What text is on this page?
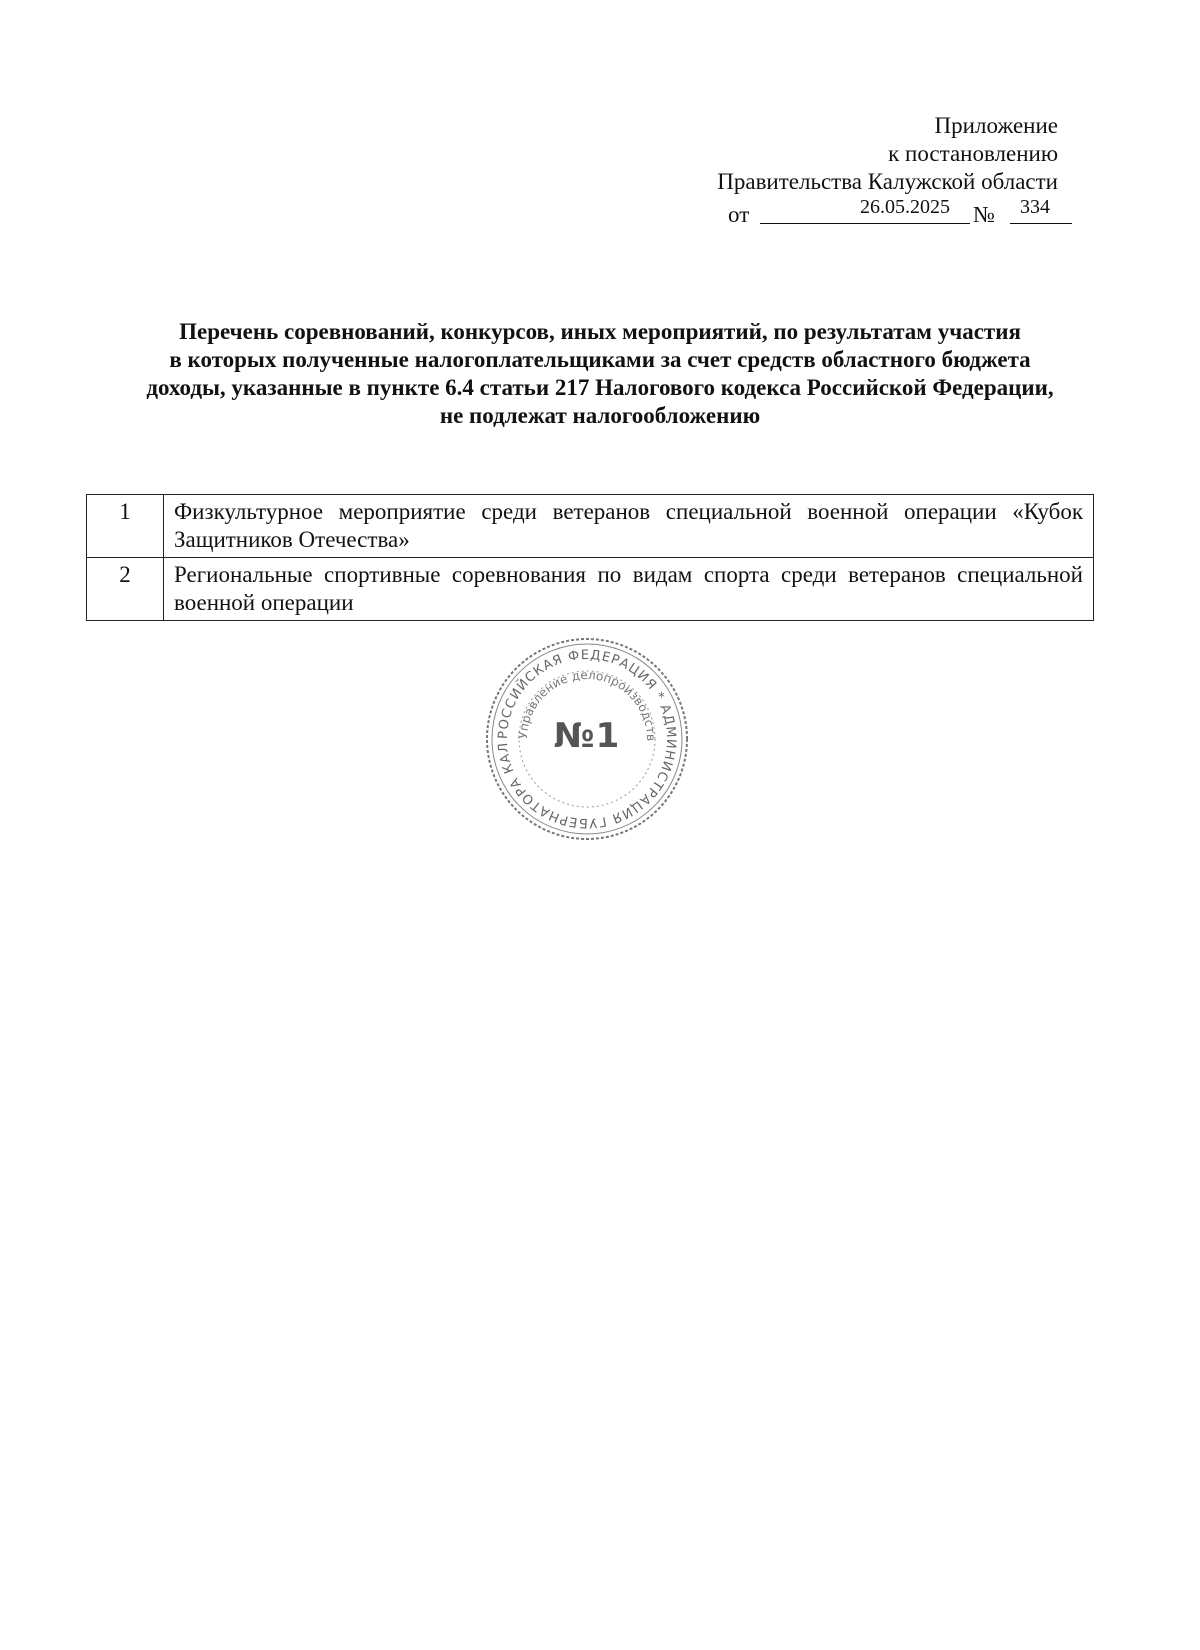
Приложение
к постановлению
Правительства Калужской области
от	26.05.2025 № 334
Перечень соревнований, конкурсов, иных мероприятий, по результатам участия
в которых полученные налогоплательщиками за счет средств областного бюджета
доходы, указанные в пункте 6.4 статьи 217 Налогового кодекса Российской Федерации,
не подлежат налогообложению
1	Физкультурное мероприятие среди ветеранов специальной военной операции «Кубок Защитников Отечества»
2	Региональные спортивные соревнования по видам спорта среди ветеранов специальной военной операции
РОССИЙСКАЯ ФЕДЕРАЦИЯ * АДМИНИСТРАЦИЯ ГУБЕРНАТОРА КАЛ
Управление делопроизводств
№1
